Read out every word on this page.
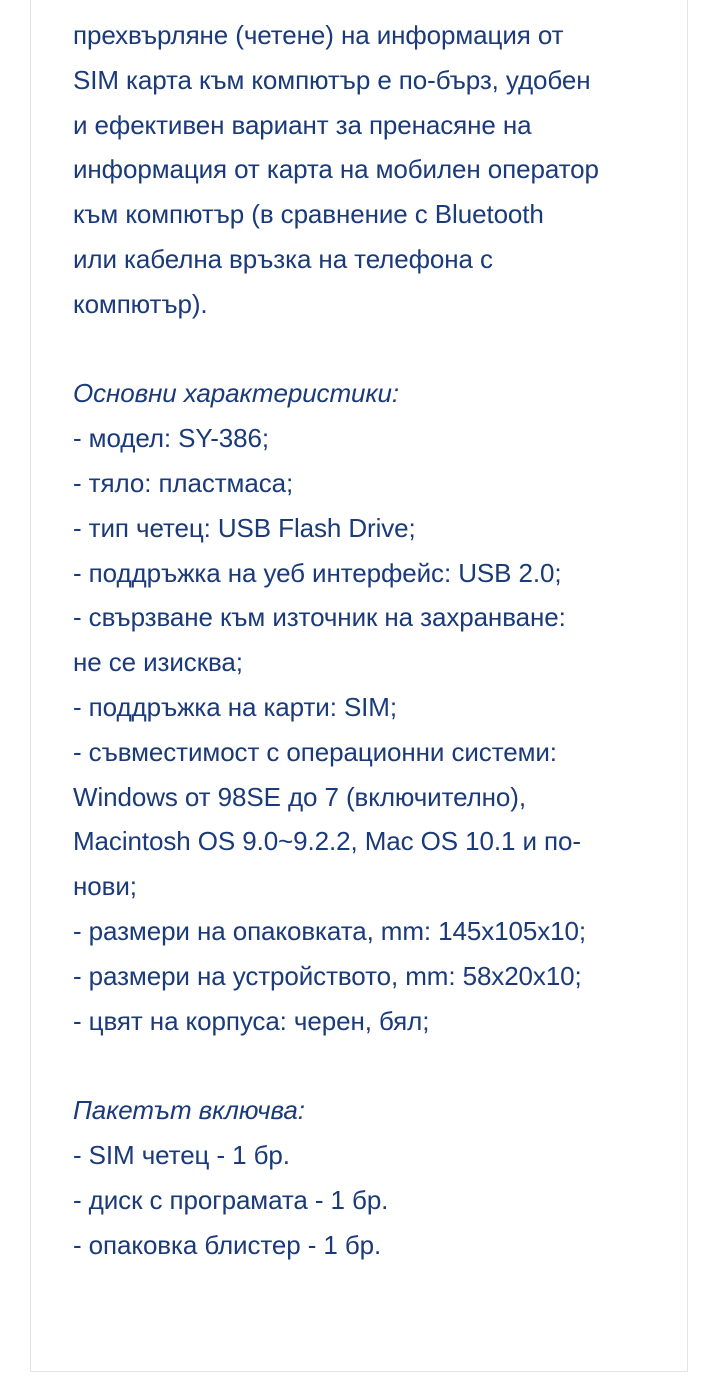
прехвърляне (четене) на информация от
SIM карта към компютър е по-бърз, удобен
и ефективен вариант за пренасяне на
информация от карта на мобилен оператор
към компютър (в сравнение с Bluetooth
или кабелна връзка на телефона с
компютър).
Основни характеристики:
- модел: SY-386;
- тяло: пластмаса;
- тип четец: USB Flash Drive;
- поддръжка на уеб интерфейс: USB 2.0;
- свързване към източник на захранване:
не се изисква;
- поддръжка на карти: SIM;
- съвместимост с операционни системи:
Windows от 98SE до 7 (включително),
Macintosh OS 9.0~9.2.2, Mac OS 10.1 и по-
нови;
- размери на опаковката, mm: 145x105x10;
- размери на устройството, mm: 58x20x10;
- цвят на корпуса: черен, бял;
Пакетът включва:
- SIM четец - 1 бр.
- диск с програмата - 1 бр.
- опаковка блистер - 1 бр.
